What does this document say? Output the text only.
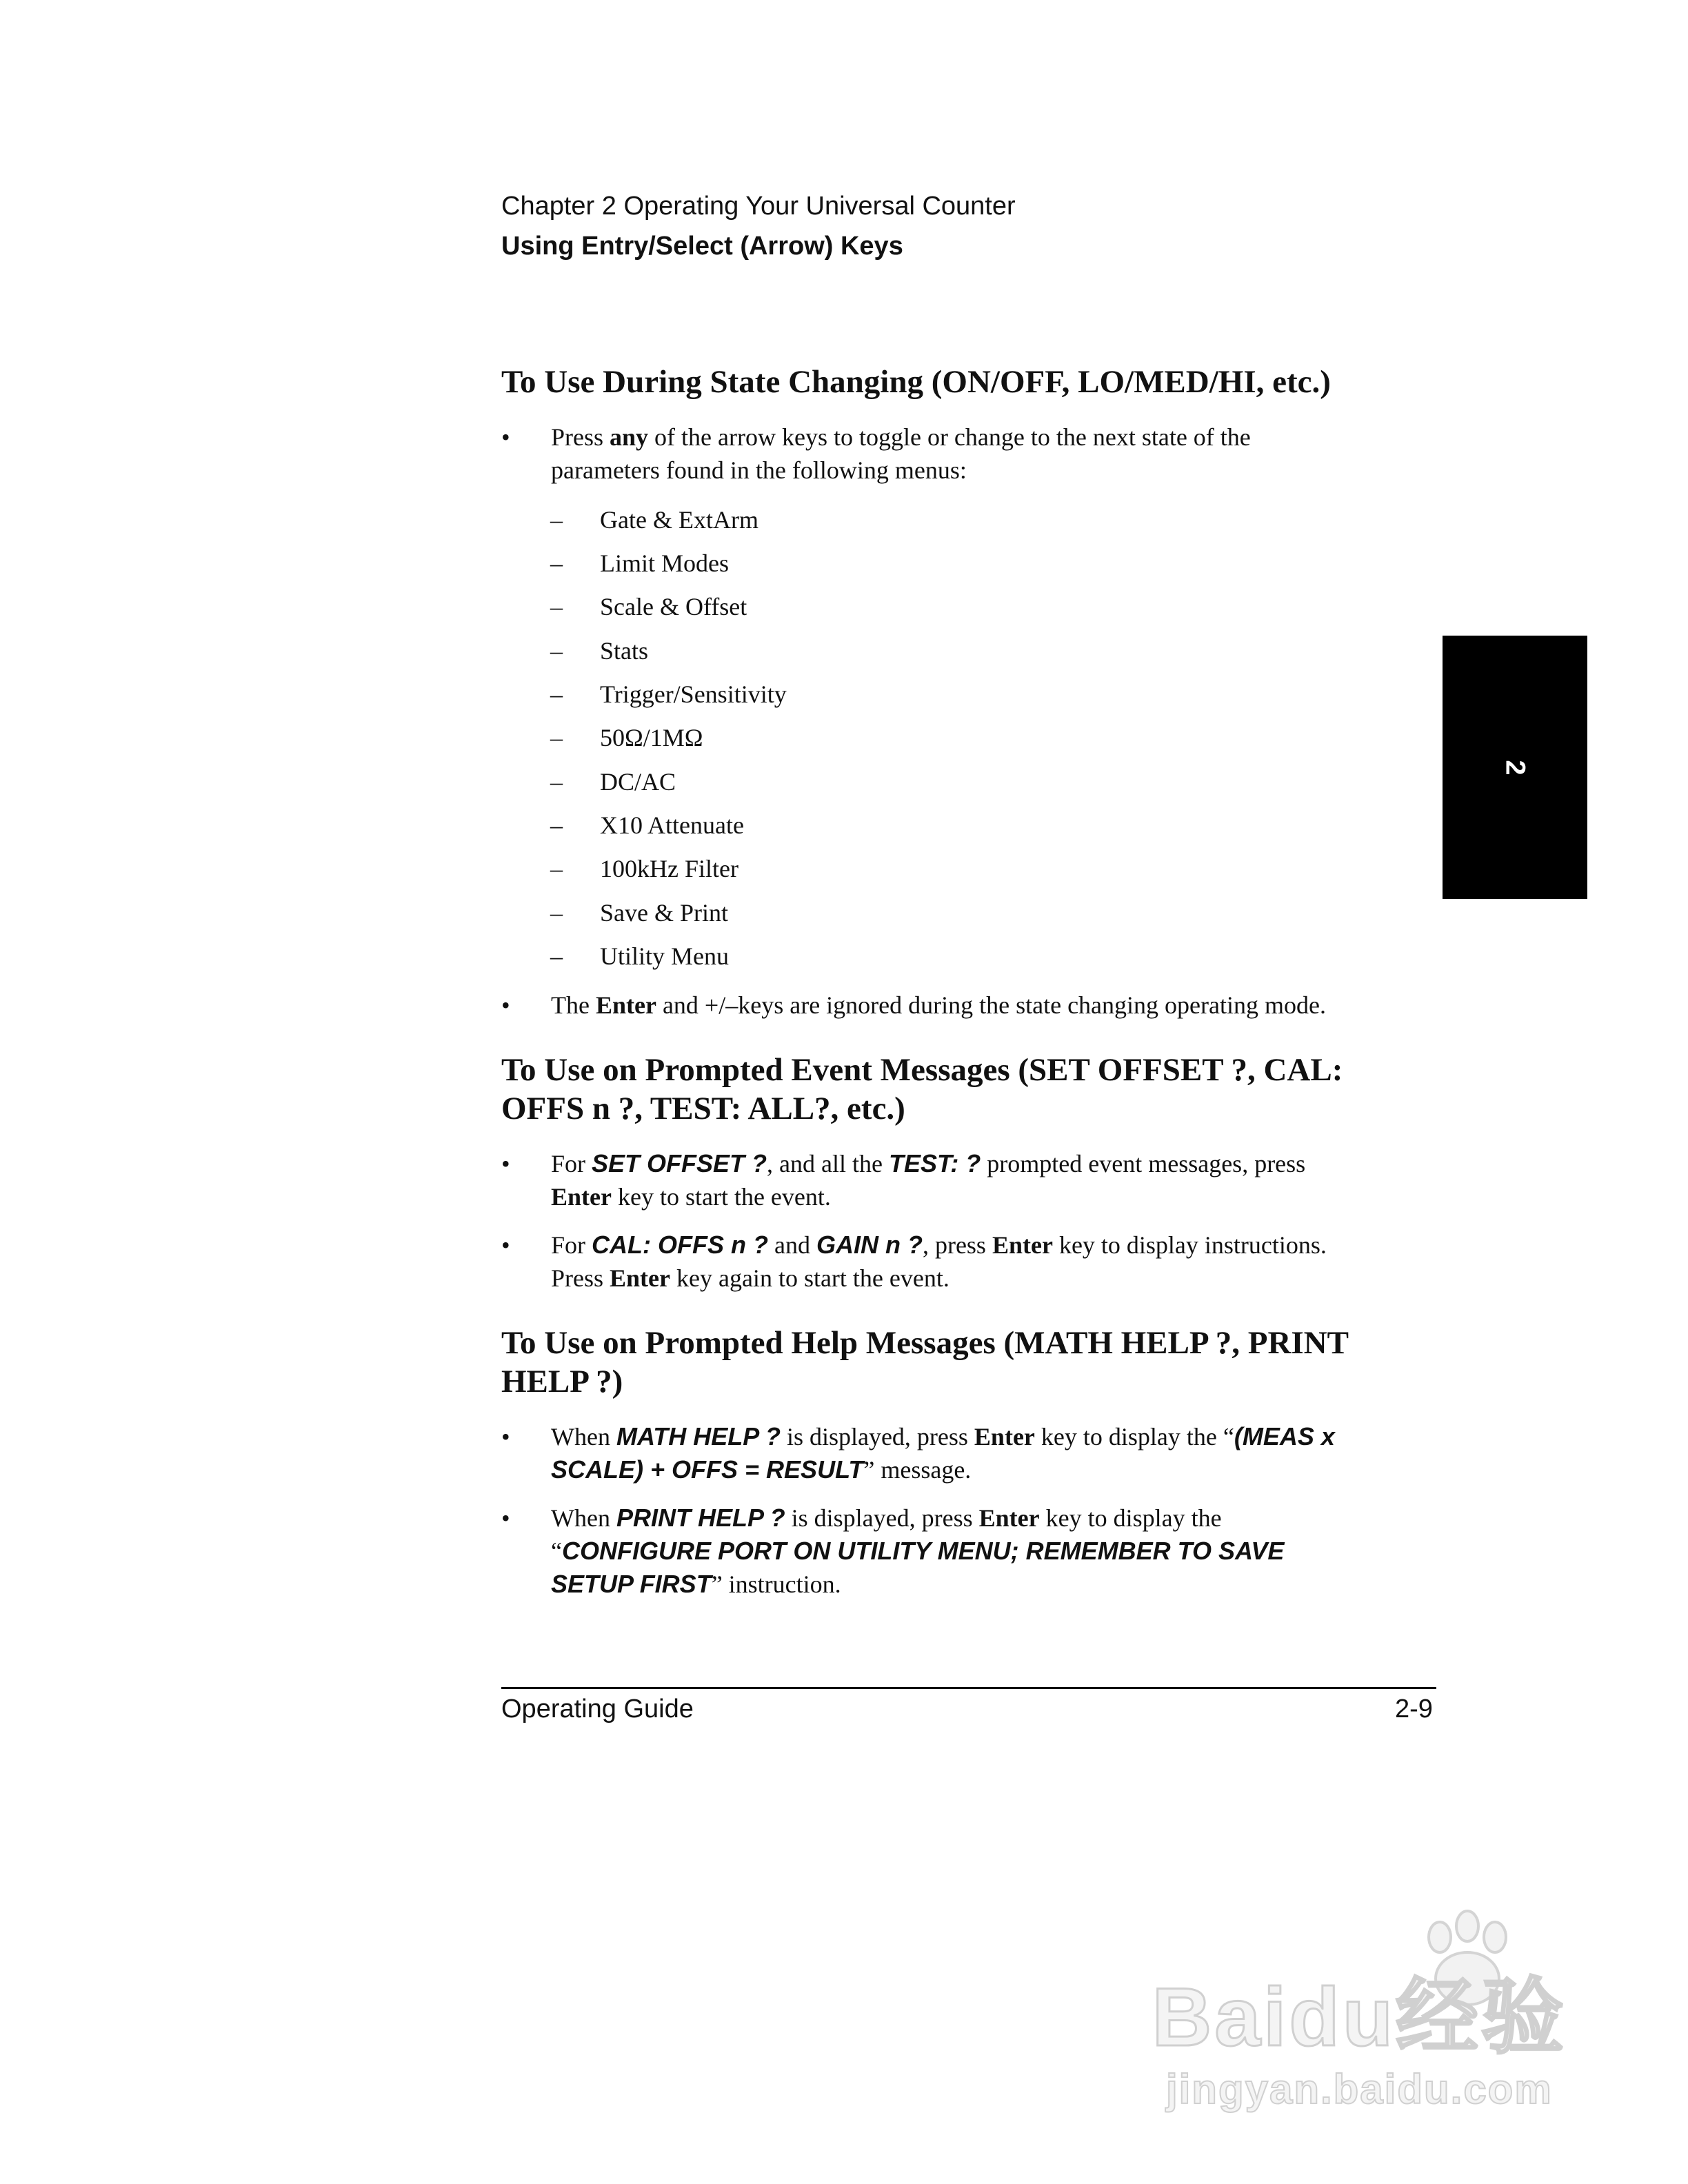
Chapter 2 Operating Your Universal Counter
Using Entry/Select (Arrow) Keys
2
To Use During State Changing (ON/OFF, LO/MED/HI, etc.)
•	Press any of the arrow keys to toggle or change to the next state of the
parameters found in the following menus:
–	Gate & ExtArm
–	Limit Modes
–	Scale & Offset
–	Stats
–	Trigger/Sensitivity
–	50Ω/1MΩ
–	DC/AC
–	X10 Attenuate
–	100kHz Filter
–	Save & Print
–	Utility Menu
•	The Enter and +/–keys are ignored during the state changing operating mode.
To Use on Prompted Event Messages (SET OFFSET ?, CAL:
OFFS n ?, TEST: ALL?, etc.)
•	For SET OFFSET ?, and all the TEST: ? prompted event messages, press
Enter key to start the event.
•	For CAL: OFFS n ? and GAIN n ?, press Enter key to display instructions.
Press Enter key again to start the event.
To Use on Prompted Help Messages (MATH HELP ?, PRINT
HELP ?)
•	When MATH HELP ? is displayed, press Enter key to display the “(MEAS x
SCALE) + OFFS = RESULT” message.
•	When PRINT HELP ? is displayed, press Enter key to display the
“CONFIGURE PORT ON UTILITY MENU; REMEMBER TO SAVE
SETUP FIRST” instruction.
Operating Guide	2-9
Baidu经验
jingyan.baidu.com
